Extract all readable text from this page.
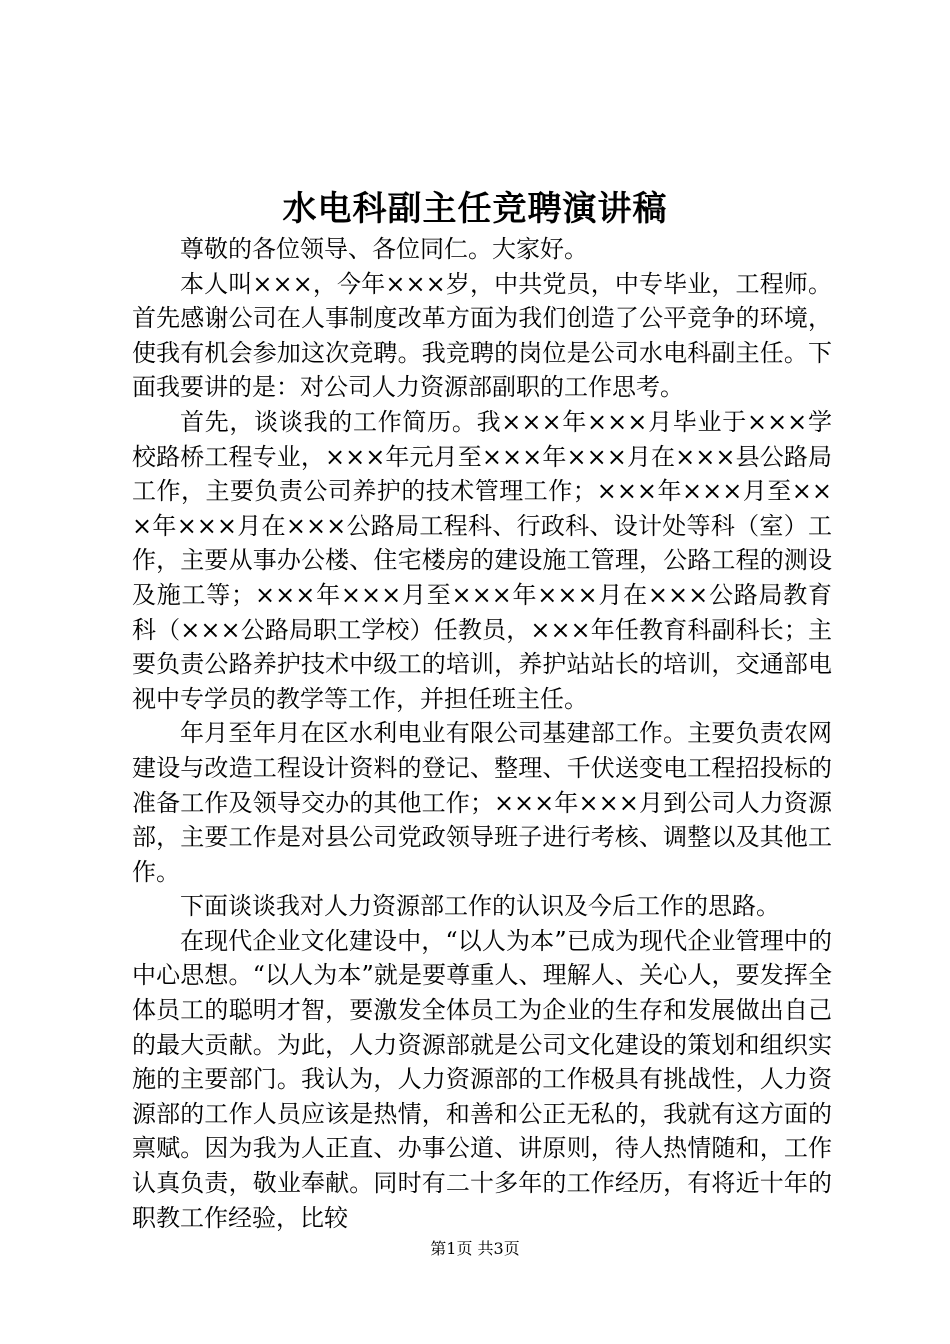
水电科副主任竞聘演讲稿

尊敬的各位领导、各位同仁。大家好。

本人叫×××，今年×××岁，中共党员，中专毕业，工程师。首先感谢公司在人事制度改革方面为我们创造了公平竞争的环境，使我有机会参加这次竞聘。我竞聘的岗位是公司水电科副主任。下面我要讲的是：对公司人力资源部副职的工作思考。

首先，谈谈我的工作简历。我×××年×××月毕业于×××学校路桥工程专业，×××年元月至×××年×××月在×××县公路局工作，主要负责公司养护的技术管理工作；×××年×××月至×××年×××月在×××公路局工程科、行政科、设计处等科（室）工作，主要从事办公楼、住宅楼房的建设施工管理，公路工程的测设及施工等；×××年×××月至×××年×××月在×××公路局教育科（×××公路局职工学校）任教员，×××年任教育科副科长；主要负责公路养护技术中级工的培训，养护站站长的培训，交通部电视中专学员的教学等工作，并担任班主任。

年月至年月在区水利电业有限公司基建部工作。主要负责农网建设与改造工程设计资料的登记、整理、千伏送变电工程招投标的准备工作及领导交办的其他工作；×××年×××月到公司人力资源部，主要工作是对县公司党政领导班子进行考核、调整以及其他工作。

下面谈谈我对人力资源部工作的认识及今后工作的思路。

在现代企业文化建设中，“以人为本”已成为现代企业管理中的中心思想。“以人为本”就是要尊重人、理解人、关心人，要发挥全体员工的聪明才智，要激发全体员工为企业的生存和发展做出自己的最大贡献。为此，人力资源部就是公司文化建设的策划和组织实施的主要部门。我认为，人力资源部的工作极具有挑战性，人力资源部的工作人员应该是热情，和善和公正无私的，我就有这方面的禀赋。因为我为人正直、办事公道、讲原则，待人热情随和，工作认真负责，敬业奉献。同时有二十多年的工作经历，有将近十年的职教工作经验，比较

第1页 共3页
